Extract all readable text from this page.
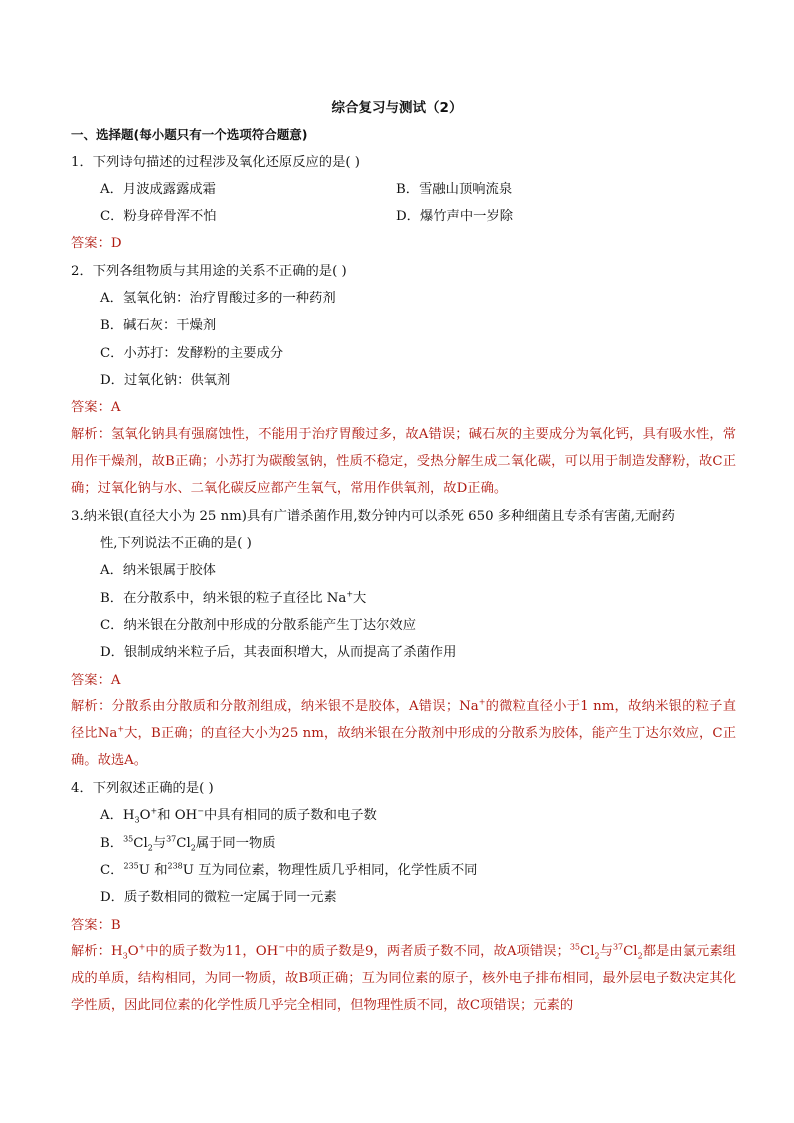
综合复习与测试（2）
一、选择题(每小题只有一个选项符合题意)
1．下列诗句描述的过程涉及氧化还原反应的是( )
A．月波成露露成霜	B．雪融山顶响流泉
C．粉身碎骨浑不怕	D．爆竹声中一岁除
答案：D
2．下列各组物质与其用途的关系不正确的是( )
A．氢氧化钠：治疗胃酸过多的一种药剂
B．碱石灰：干燥剂
C．小苏打：发酵粉的主要成分
D．过氧化钠：供氧剂
答案：A
解析：氢氧化钠具有强腐蚀性，不能用于治疗胃酸过多，故A错误；碱石灰的主要成分为氧化钙，具有吸水性，常用作干燥剂，故B正确；小苏打为碳酸氢钠，性质不稳定，受热分解生成二氧化碳，可以用于制造发酵粉，故C正确；过氧化钠与水、二氧化碳反应都产生氧气，常用作供氧剂，故D正确。
3.纳米银(直径大小为 25 nm)具有广谱杀菌作用,数分钟内可以杀死 650 多种细菌且专杀有害菌,无耐药
性,下列说法不正确的是( )
A．纳米银属于胶体
B．在分散系中，纳米银的粒子直径比 Na+大
C．纳米银在分散剂中形成的分散系能产生丁达尔效应
D．银制成纳米粒子后，其表面积增大，从而提高了杀菌作用
答案：A
解析：分散系由分散质和分散剂组成，纳米银不是胶体，A错误；Na+的微粒直径小于1 nm，故纳米银的粒子直径比Na+大，B正确；的直径大小为25 nm，故纳米银在分散剂中形成的分散系为胶体，能产生丁达尔效应，C正确。故选A。
4．下列叙述正确的是( )
A．$H_3O^+$和 OH−中具有相同的质子数和电子数
B．$^{35}Cl_2$与$^{37}Cl_2$属于同一物质
C．$^{235}$U 和$^{238}$U 互为同位素，物理性质几乎相同，化学性质不同
D．质子数相同的微粒一定属于同一元素
答案：B
解析：$H_3O^+$中的质子数为11，OH−中的质子数是9，两者质子数不同，故A项错误；$^{35}Cl_2$与$^{37}Cl_2$都是由氯元素组成的单质，结构相同，为同一物质，故B项正确；互为同位素的原子，核外电子排布相同，最外层电子数决定其化学性质，因此同位素的化学性质几乎完全相同，但物理性质不同，故C项错误；元素的
